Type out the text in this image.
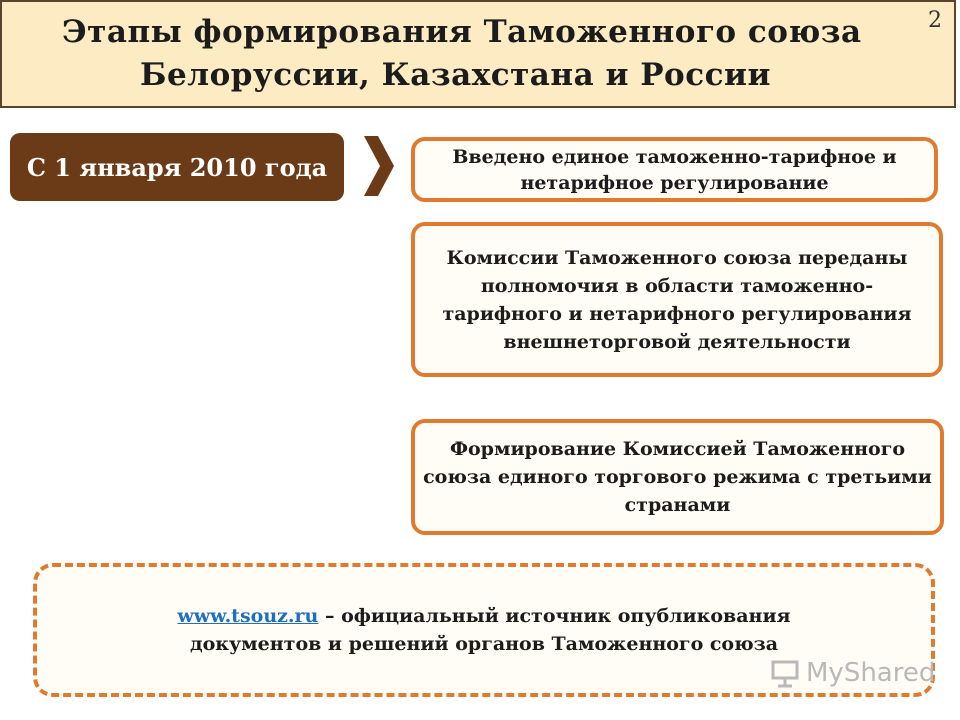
Этапы формирования Таможенного союза
Белоруссии, Казахстана и России
2
С 1 января 2010 года	Введено единое таможенно-тарифное и нетарифное регулирование
Комиссии Таможенного союза переданы полномочия в области таможенно-тарифного и нетарифного регулирования внешнеторговой деятельности
Формирование Комиссией Таможенного союза единого торгового режима с третьими странами
www.tsouz.ru – официальный источник опубликования
документов и решений органов Таможенного союза
MyShared
